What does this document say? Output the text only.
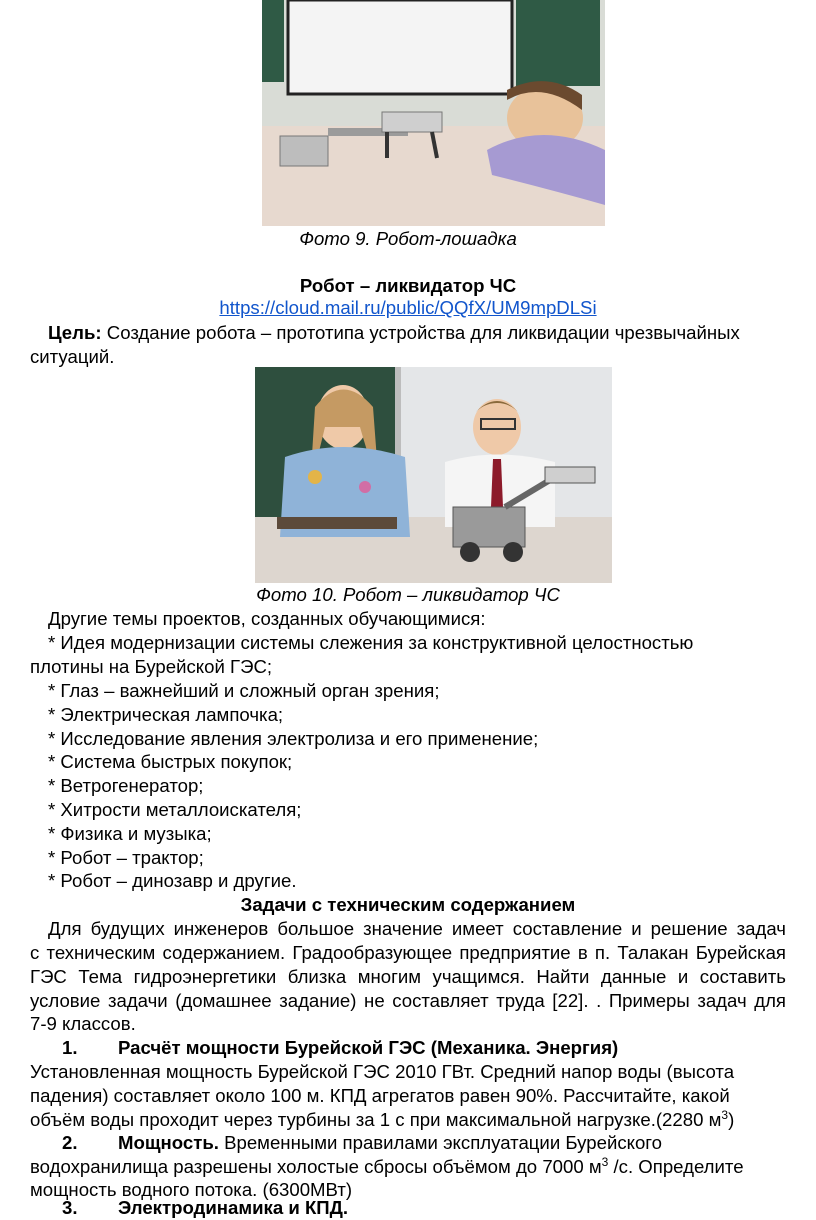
Фото 9. Робот-лошадка
Робот – ликвидатор ЧС
https://cloud.mail.ru/public/QQfX/UM9mpDLSi
Цель: Создание робота – прототипа устройства для ликвидации чрезвычайных
ситуаций.
Фото 10. Робот – ликвидатор ЧС
Другие темы проектов, созданных обучающимися:
* Идея модернизации системы слежения за конструктивной целостностью
плотины на Бурейской ГЭС;
* Глаз – важнейший и сложный орган зрения;
* Электрическая лампочка;
* Исследование явления электролиза и его применение;
* Система быстрых покупок;
* Ветрогенератор;
* Хитрости металлоискателя;
* Физика и музыка;
* Робот – трактор;
* Робот – динозавр и другие.
Задачи с техническим содержанием
Для будущих инженеров большое значение имеет составление и решение задач
с техническим содержанием. Градообразующее предприятие в п. Талакан Бурейская
ГЭС Тема гидроэнергетики близка многим учащимся. Найти данные и составить
условие задачи (домашнее задание) не составляет труда [22]. . Примеры задач для
7-9 классов.
1. Расчёт мощности Бурейской ГЭС (Механика. Энергия)
Установленная мощность Бурейской ГЭС 2010 ГВт. Средний напор воды (высота
падения) составляет около 100 м. КПД агрегатов равен 90%. Рассчитайте, какой
объём воды проходит через турбины за 1 с при максимальной нагрузке.(2280 $м^3$)
2. Мощность. Временными правилами эксплуатации Бурейского
водохранилища разрешены холостые сбросы объёмом до 7000 $м^3$ /с. Определите
мощность водного потока. (6300МВт)
3. Электродинамика и КПД.
